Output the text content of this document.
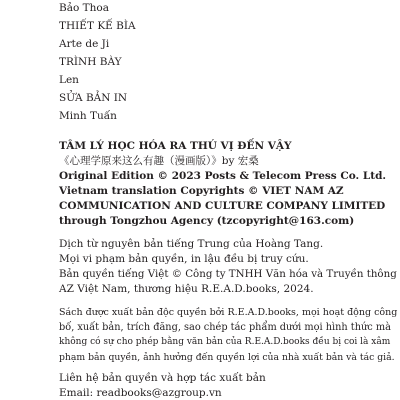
Bảo Thoa
THIẾT KẾ BÌA
Arte de Ji
TRÌNH BÀY
Len
SỬA BẢN IN
Minh Tuấn
TÂM LÝ HỌC HÓA RA THÚ VỊ ĐẾN VẬY
《心理学原来这么有趣（漫画版）》by 宏桑
Original Edition © 2023 Posts & Telecom Press Co. Ltd.
Vietnam translation Copyrights © VIET NAM AZ
COMMUNICATION AND CULTURE COMPANY LIMITED
through Tongzhou Agency (tzcopyright@163.com)
Dịch từ nguyên bản tiếng Trung của Hoàng Tang.
Mọi vi phạm bản quyền, in lậu đều bị truy cứu.
Bản quyền tiếng Việt © Công ty TNHH Văn hóa và Truyền thông
AZ Việt Nam, thương hiệu R.E.A.D.books, 2024.
Sách được xuất bản độc quyền bởi R.E.A.D.books, mọi hoạt động công
bố, xuất bản, trích đăng, sao chép tác phẩm dưới mọi hình thức mà
không có sự cho phép bằng văn bản của R.E.A.D.books đều bị coi là xâm
phạm bản quyền, ảnh hưởng đến quyền lợi của nhà xuất bản và tác giả.
Liên hệ bản quyền và hợp tác xuất bản
Email: readbooks@azgroup.vn
